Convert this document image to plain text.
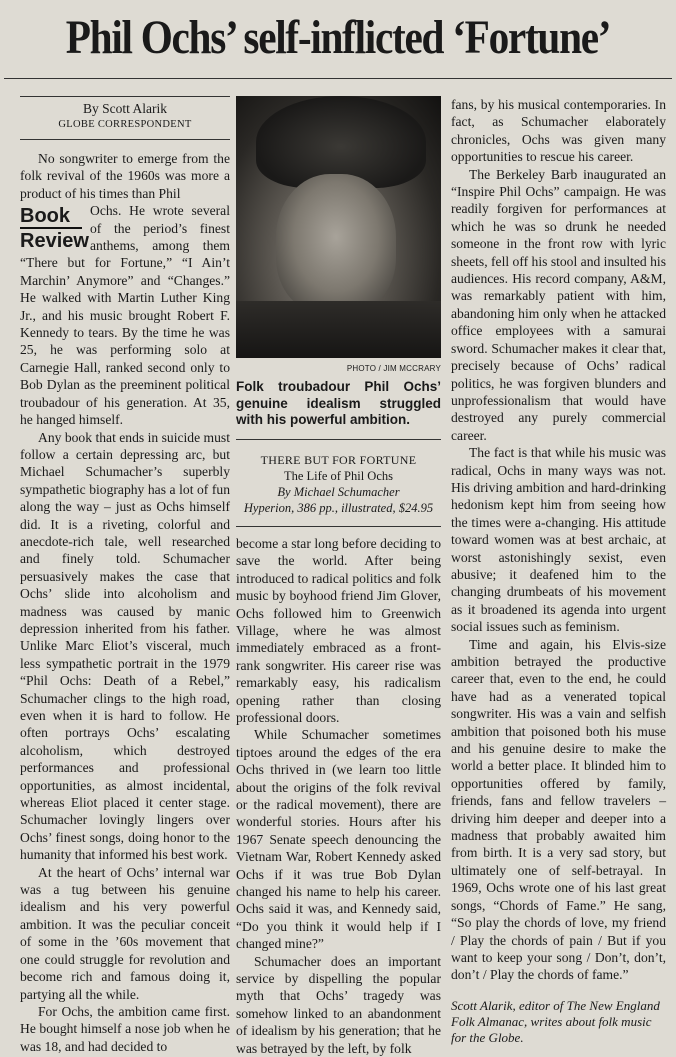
Phil Ochs’ self-inflicted ‘Fortune’
By Scott Alarik
GLOBE CORRESPONDENT

No songwriter to emerge from the folk revival of the 1960s was more a product of his times than Phil

Book
Review
Ochs. He wrote several of the period’s finest anthems, among them “There but for Fortune,” “I Ain’t Marchin’ Anymore” and “Changes.” He walked with Martin Luther King Jr., and his music brought Robert F. Kennedy to tears. By the time he was 25, he was performing solo at Carnegie Hall, ranked second only to Bob Dylan as the preeminent political troubadour of his generation. At 35, he hanged himself.

Any book that ends in suicide must follow a certain depressing arc, but Michael Schumacher’s superbly sympathetic biography has a lot of fun along the way – just as Ochs himself did. It is a riveting, colorful and anecdote-rich tale, well researched and finely told. Schumacher persuasively makes the case that Ochs’ slide into alcoholism and madness was caused by manic depression inherited from his father. Unlike Marc Eliot’s visceral, much less sympathetic portrait in the 1979 “Phil Ochs: Death of a Rebel,” Schumacher clings to the high road, even when it is hard to follow. He often portrays Ochs’ escalating alcoholism, which destroyed performances and professional opportunities, as almost incidental, whereas Eliot placed it center stage. Schumacher lovingly lingers over Ochs’ finest songs, doing honor to the humanity that informed his best work.

At the heart of Ochs’ internal war was a tug between his genuine idealism and his very powerful ambition. It was the peculiar conceit of some in the ’60s movement that one could struggle for revolution and become rich and famous doing it, partying all the while.

For Ochs, the ambition came first. He bought himself a nose job when he was 18, and had decided to

PHOTO / JIM MCCRARY
Folk troubadour Phil Ochs’ genuine idealism struggled with his powerful ambition.
THERE BUT FOR FORTUNE
The Life of Phil Ochs
By Michael Schumacher
Hyperion, 386 pp., illustrated, $24.95

become a star long before deciding to save the world. After being introduced to radical politics and folk music by boyhood friend Jim Glover, Ochs followed him to Greenwich Village, where he was almost immediately embraced as a front-rank songwriter. His career rise was remarkably easy, his radicalism opening rather than closing professional doors.

While Schumacher sometimes tiptoes around the edges of the era Ochs thrived in (we learn too little about the origins of the folk revival or the radical movement), there are wonderful stories. Hours after his 1967 Senate speech denouncing the Vietnam War, Robert Kennedy asked Ochs if it was true Bob Dylan changed his name to help his career. Ochs said it was, and Kennedy said, “Do you think it would help if I changed mine?”

Schumacher does an important service by dispelling the popular myth that Ochs’ tragedy was somehow linked to an abandonment of idealism by his generation; that he was betrayed by the left, by folk

fans, by his musical contemporaries. In fact, as Schumacher elaborately chronicles, Ochs was given many opportunities to rescue his career.

The Berkeley Barb inaugurated an “Inspire Phil Ochs” campaign. He was readily forgiven for performances at which he was so drunk he needed someone in the front row with lyric sheets, fell off his stool and insulted his audiences. His record company, A&M, was remarkably patient with him, abandoning him only when he attacked office employees with a samurai sword. Schumacher makes it clear that, precisely because of Ochs’ radical politics, he was forgiven blunders and unprofessionalism that would have destroyed any purely commercial career.

The fact is that while his music was radical, Ochs in many ways was not. His driving ambition and hard-drinking hedonism kept him from seeing how the times were a-changing. His attitude toward women was at best archaic, at worst astonishingly sexist, even abusive; it deafened him to the changing drumbeats of his movement as it broadened its agenda into urgent social issues such as feminism.

Time and again, his Elvis-size ambition betrayed the productive career that, even to the end, he could have had as a venerated topical songwriter. His was a vain and selfish ambition that poisoned both his muse and his genuine desire to make the world a better place. It blinded him to opportunities offered by family, friends, fans and fellow travelers – driving him deeper and deeper into a madness that probably awaited him from birth. It is a very sad story, but ultimately one of self-betrayal. In 1969, Ochs wrote one of his last great songs, “Chords of Fame.” He sang, “So play the chords of love, my friend / Play the chords of pain / But if you want to keep your song / Don’t, don’t, don’t / Play the chords of fame.”

Scott Alarik, editor of The New England Folk Almanac, writes about folk music for the Globe.
